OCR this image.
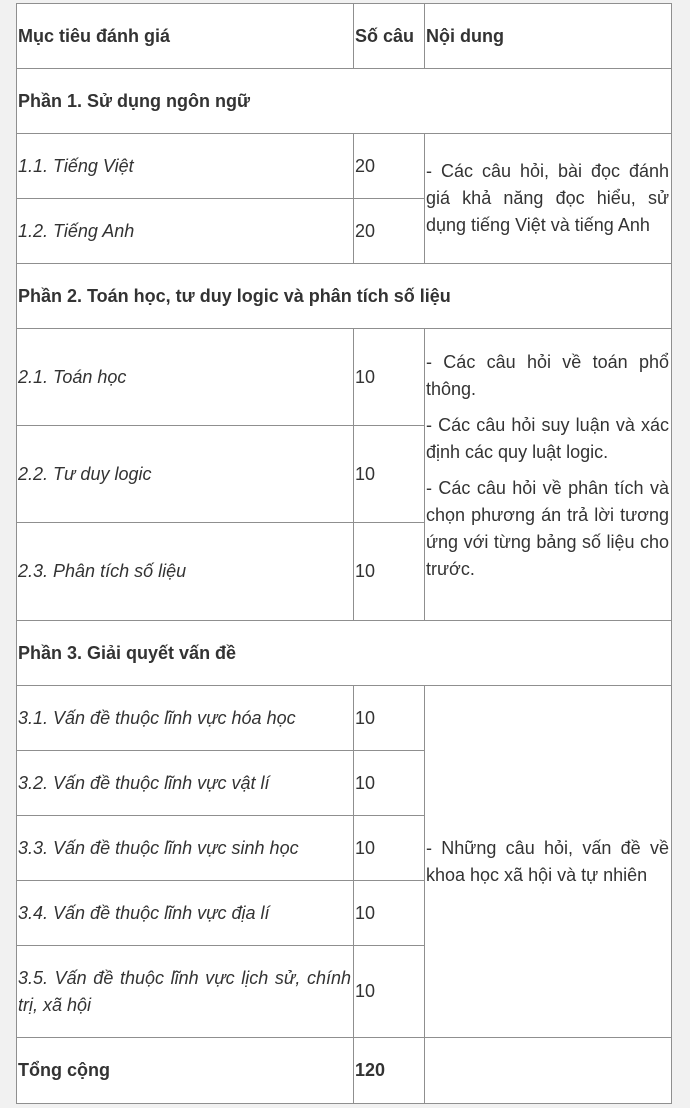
Mục tiêu đánh giá	Số câu	Nội dung
Phần 1. Sử dụng ngôn ngữ		
1.1. Tiếng Việt	20	- Các câu hỏi, bài đọc đánh giá khả năng đọc hiểu, sử dụng tiếng Việt và tiếng Anh

1.2. Tiếng Anh	20	
Phần 2. Toán học, tư duy logic và phân tích số liệu		
2.1. Toán học	10	- Các câu hỏi về toán phổ thông.

- Các câu hỏi suy luận và xác định các quy luật logic.

- Các câu hỏi về phân tích và chọn phương án trả lời tương ứng với từng bảng số liệu cho trước.

2.2. Tư duy logic	10	
2.3. Phân tích số liệu	10	
Phần 3. Giải quyết vấn đề		
3.1. Vấn đề thuộc lĩnh vực hóa học	10	- Những câu hỏi, vấn đề về khoa học xã hội và tự nhiên

3.2. Vấn đề thuộc lĩnh vực vật lí	10	
3.3. Vấn đề thuộc lĩnh vực sinh học	10	
3.4. Vấn đề thuộc lĩnh vực địa lí	10	
3.5. Vấn đề thuộc lĩnh vực lịch sử, chính trị, xã hội	10	
Tổng cộng	120	
